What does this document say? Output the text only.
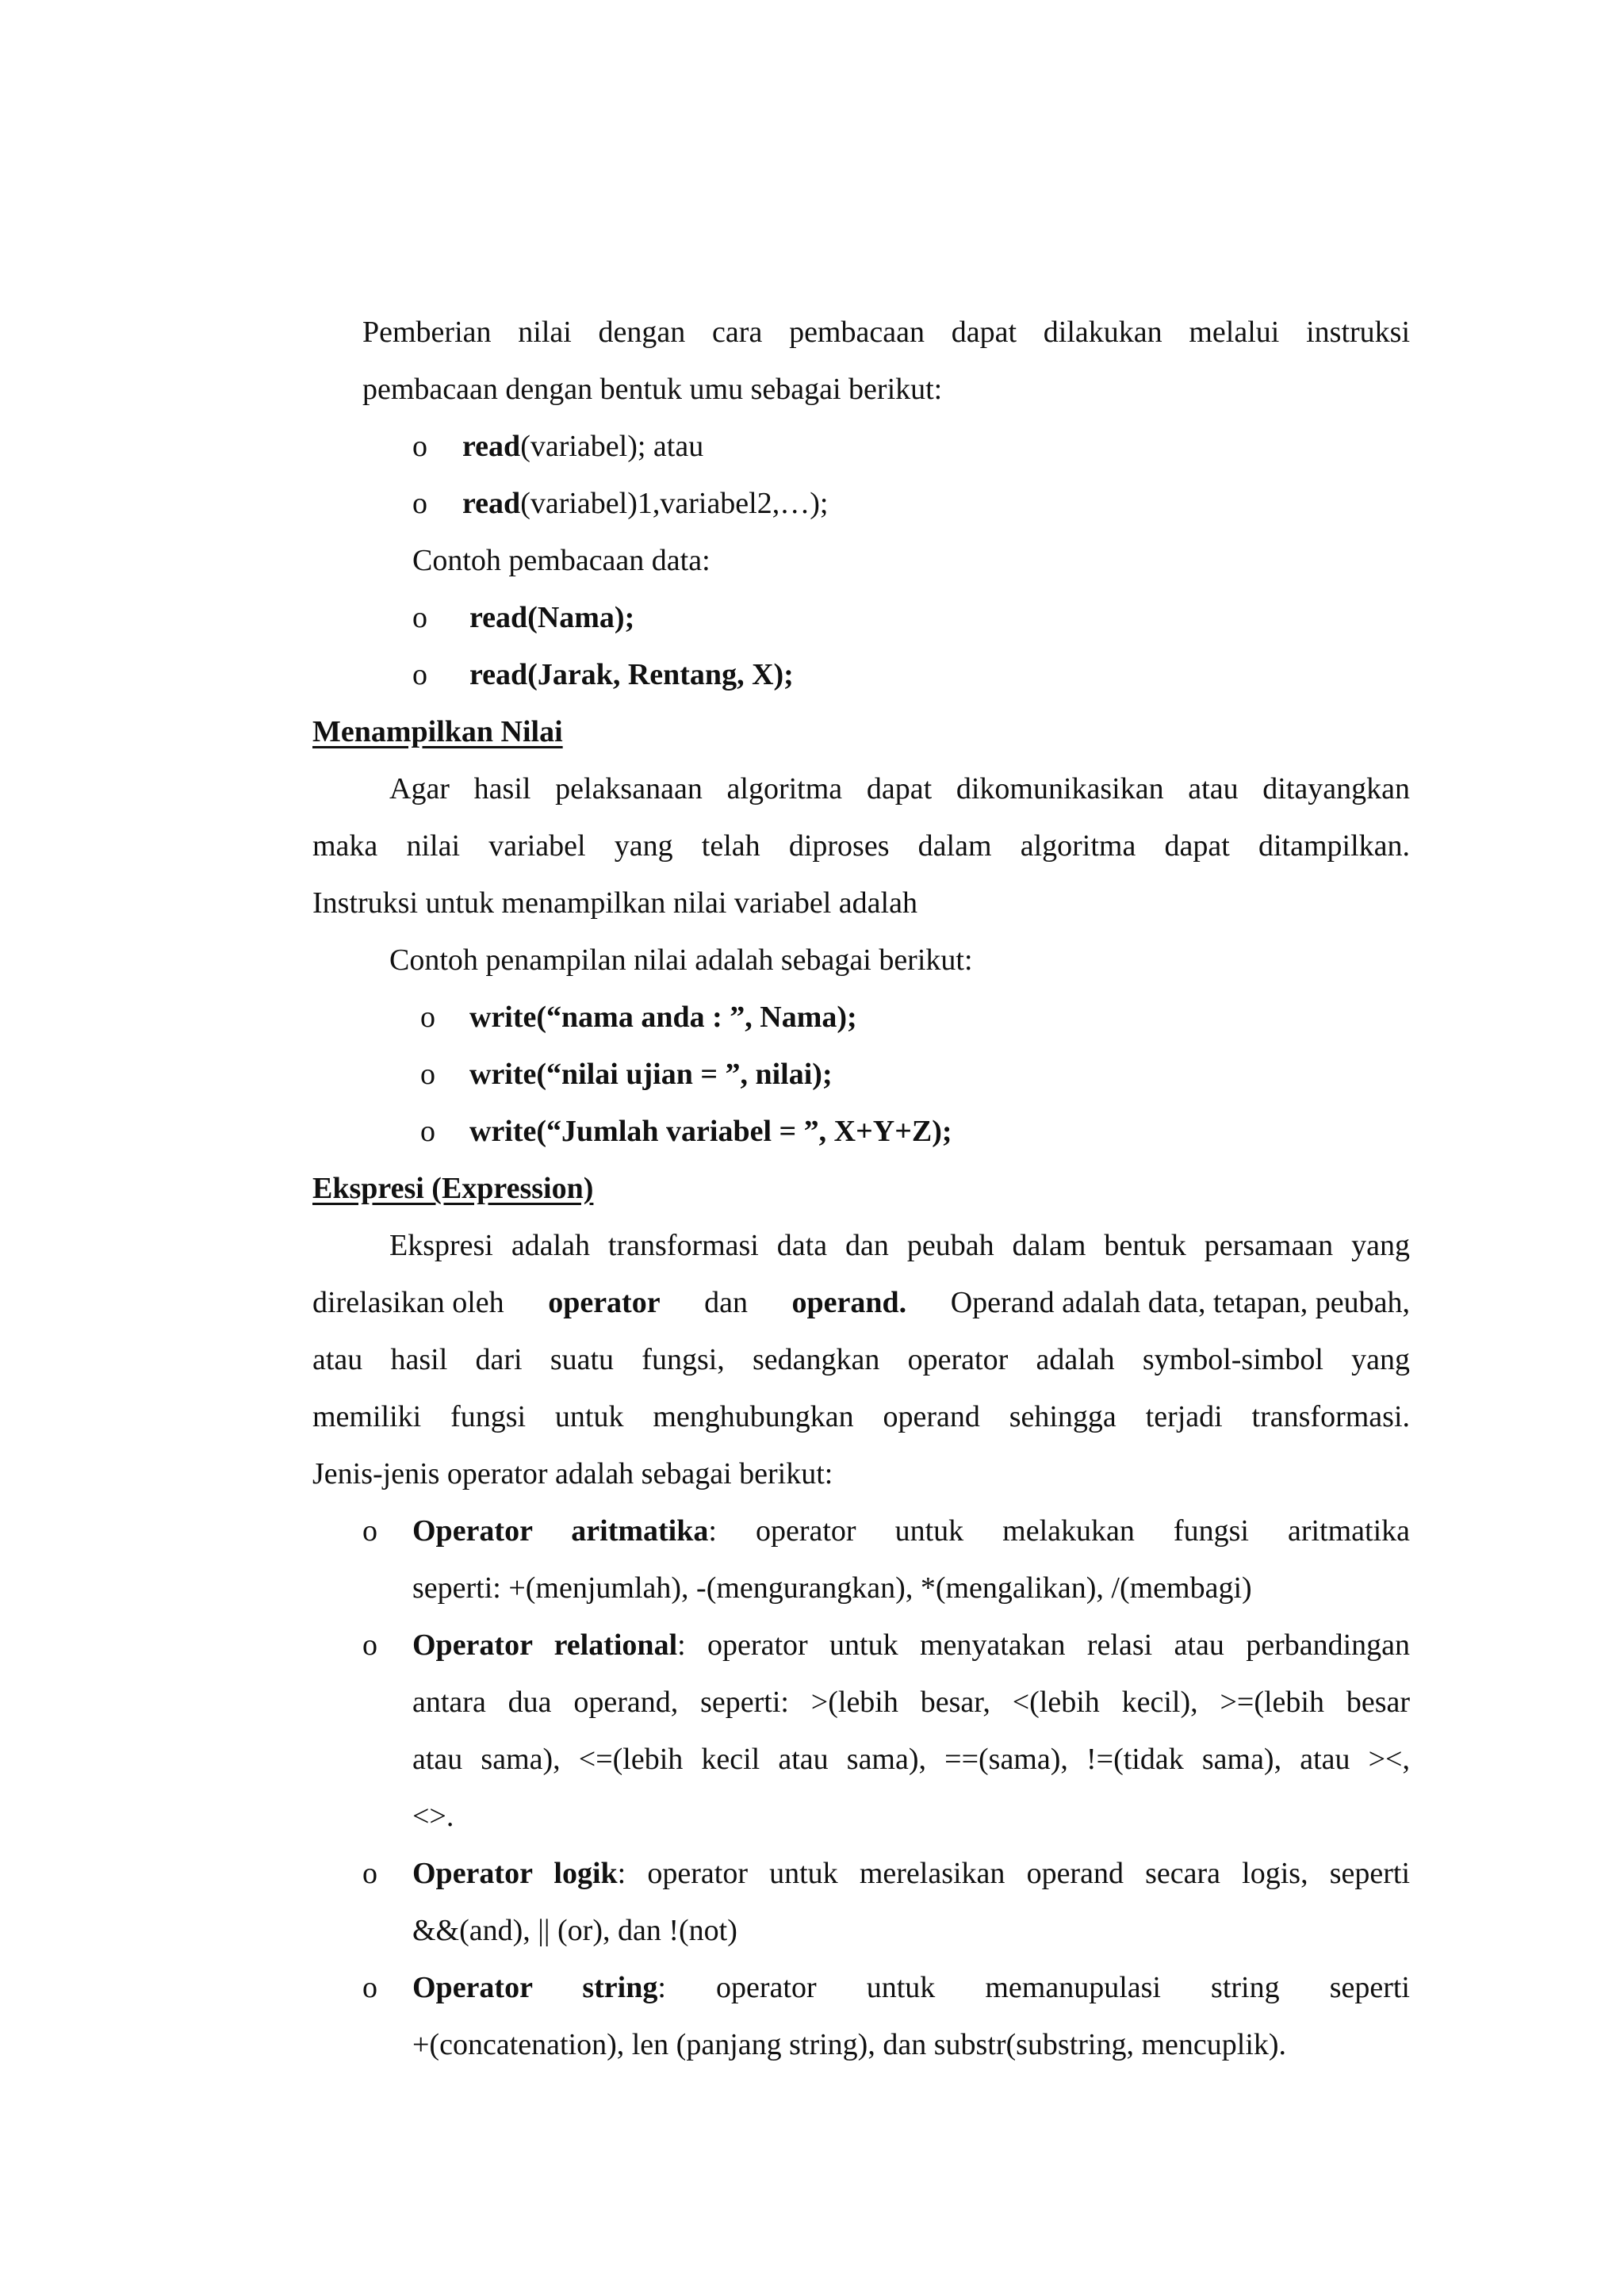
Pemberian nilai dengan cara pembacaan dapat dilakukan melalui instruksi
pembacaan dengan bentuk umu sebagai berikut:
o read(variabel); atau
o read(variabel)1,variabel2,…);
Contoh pembacaan data:
o read(Nama);
o read(Jarak, Rentang, X);
Menampilkan Nilai
Agar hasil pelaksanaan algoritma dapat dikomunikasikan atau ditayangkan
maka nilai variabel yang telah diproses dalam algoritma dapat ditampilkan.
Instruksi untuk menampilkan nilai variabel adalah
Contoh penampilan nilai adalah sebagai berikut:
o write(“nama anda : ”, Nama);
o write(“nilai ujian = ”, nilai);
o write(“Jumlah variabel = ”, X+Y+Z);
Ekspresi (Expression)
Ekspresi adalah transformasi data dan peubah dalam bentuk persamaan yang
direlasikan oleh operator dan operand. Operand adalah data, tetapan, peubah,
atau hasil dari suatu fungsi, sedangkan operator adalah symbol-simbol yang
memiliki fungsi untuk menghubungkan operand sehingga terjadi transformasi.
Jenis-jenis operator adalah sebagai berikut:
o Operator aritmatika: operator untuk melakukan fungsi aritmatika
seperti: +(menjumlah), -(mengurangkan), *(mengalikan), /(membagi)
o Operator relational: operator untuk menyatakan relasi atau perbandingan
antara dua operand, seperti: >(lebih besar, <(lebih kecil), >=(lebih besar
atau sama), <=(lebih kecil atau sama), ==(sama), !=(tidak sama), atau ><,
<>.
o Operator logik: operator untuk merelasikan operand secara logis, seperti
&&(and), || (or), dan !(not)
o Operator string: operator untuk memanupulasi string seperti
+(concatenation), len (panjang string), dan substr(substring, mencuplik).
